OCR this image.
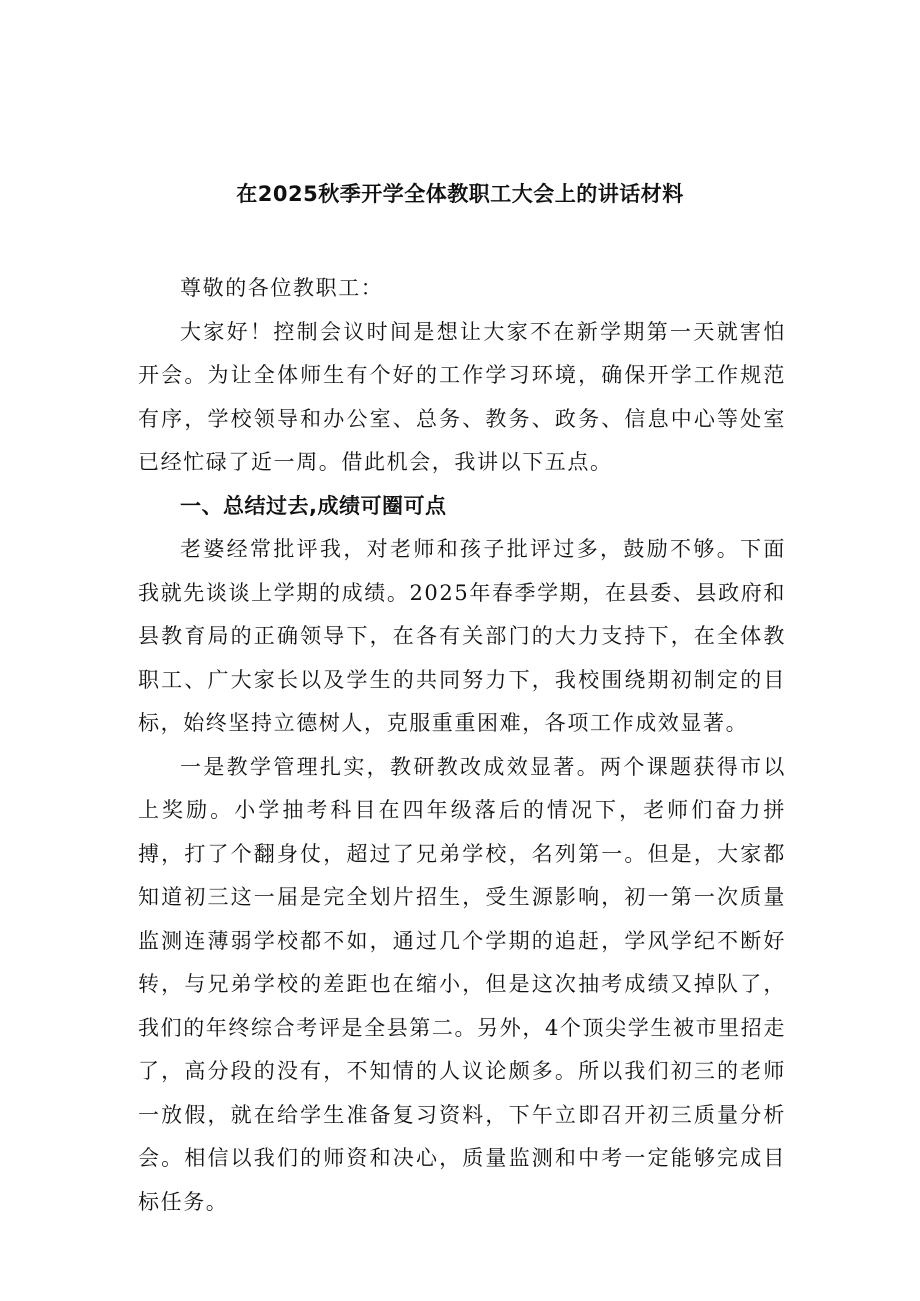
在2025秋季开学全体教职工大会上的讲话材料

尊敬的各位教职工：

大家好！控制会议时间是想让大家不在新学期第一天就害怕开会。为让全体师生有个好的工作学习环境，确保开学工作规范有序，学校领导和办公室、总务、教务、政务、信息中心等处室已经忙碌了近一周。借此机会，我讲以下五点。

一、总结过去,成绩可圈可点

老婆经常批评我，对老师和孩子批评过多，鼓励不够。下面我就先谈谈上学期的成绩。2025年春季学期，在县委、县政府和县教育局的正确领导下，在各有关部门的大力支持下，在全体教职工、广大家长以及学生的共同努力下，我校围绕期初制定的目标，始终坚持立德树人，克服重重困难，各项工作成效显著。

一是教学管理扎实，教研教改成效显著。两个课题获得市以上奖励。小学抽考科目在四年级落后的情况下，老师们奋力拼搏，打了个翻身仗，超过了兄弟学校，名列第一。但是，大家都知道初三这一届是完全划片招生，受生源影响，初一第一次质量监测连薄弱学校都不如，通过几个学期的追赶，学风学纪不断好转，与兄弟学校的差距也在缩小，但是这次抽考成绩又掉队了，我们的年终综合考评是全县第二。另外，4个顶尖学生被市里招走了，高分段的没有，不知情的人议论颇多。所以我们初三的老师一放假，就在给学生准备复习资料，下午立即召开初三质量分析会。相信以我们的师资和决心，质量监测和中考一定能够完成目标任务。
